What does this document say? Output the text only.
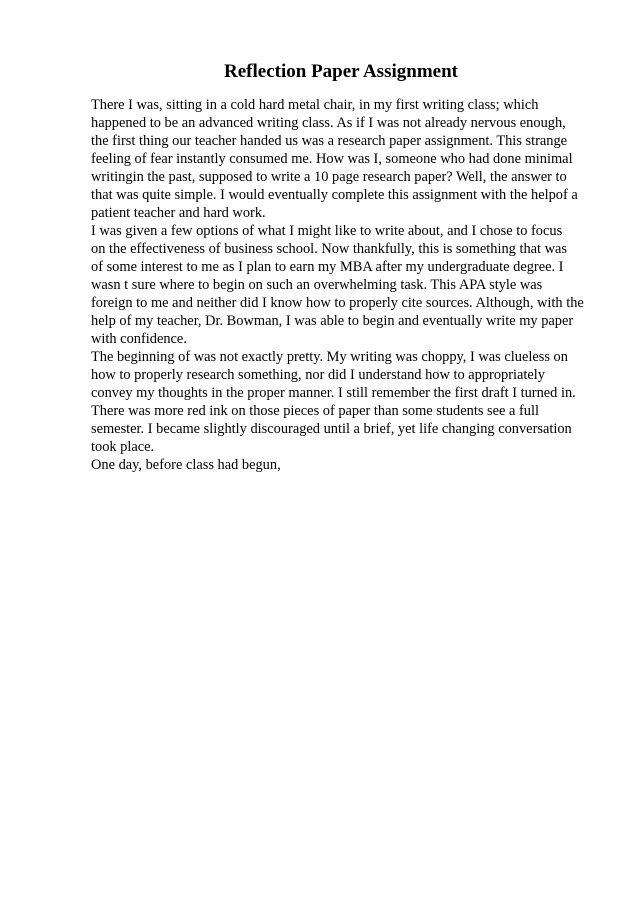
Reflection Paper Assignment
There I was, sitting in a cold hard metal chair, in my first writing class; which
happened to be an advanced writing class. As if I was not already nervous enough,
the first thing our teacher handed us was a research paper assignment. This strange
feeling of fear instantly consumed me. How was I, someone who had done minimal
writingin the past, supposed to write a 10 page research paper? Well, the answer to
that was quite simple. I would eventually complete this assignment with the helpof a
patient teacher and hard work.
I was given a few options of what I might like to write about, and I chose to focus
on the effectiveness of business school. Now thankfully, this is something that was
of some interest to me as I plan to earn my MBA after my undergraduate degree. I
wasn t sure where to begin on such an overwhelming task. This APA style was
foreign to me and neither did I know how to properly cite sources. Although, with the
help of my teacher, Dr. Bowman, I was able to begin and eventually write my paper
with confidence.
The beginning of was not exactly pretty. My writing was choppy, I was clueless on
how to properly research something, nor did I understand how to appropriately
convey my thoughts in the proper manner. I still remember the first draft I turned in.
There was more red ink on those pieces of paper than some students see a full
semester. I became slightly discouraged until a brief, yet life changing conversation
took place.
One day, before class had begun,
